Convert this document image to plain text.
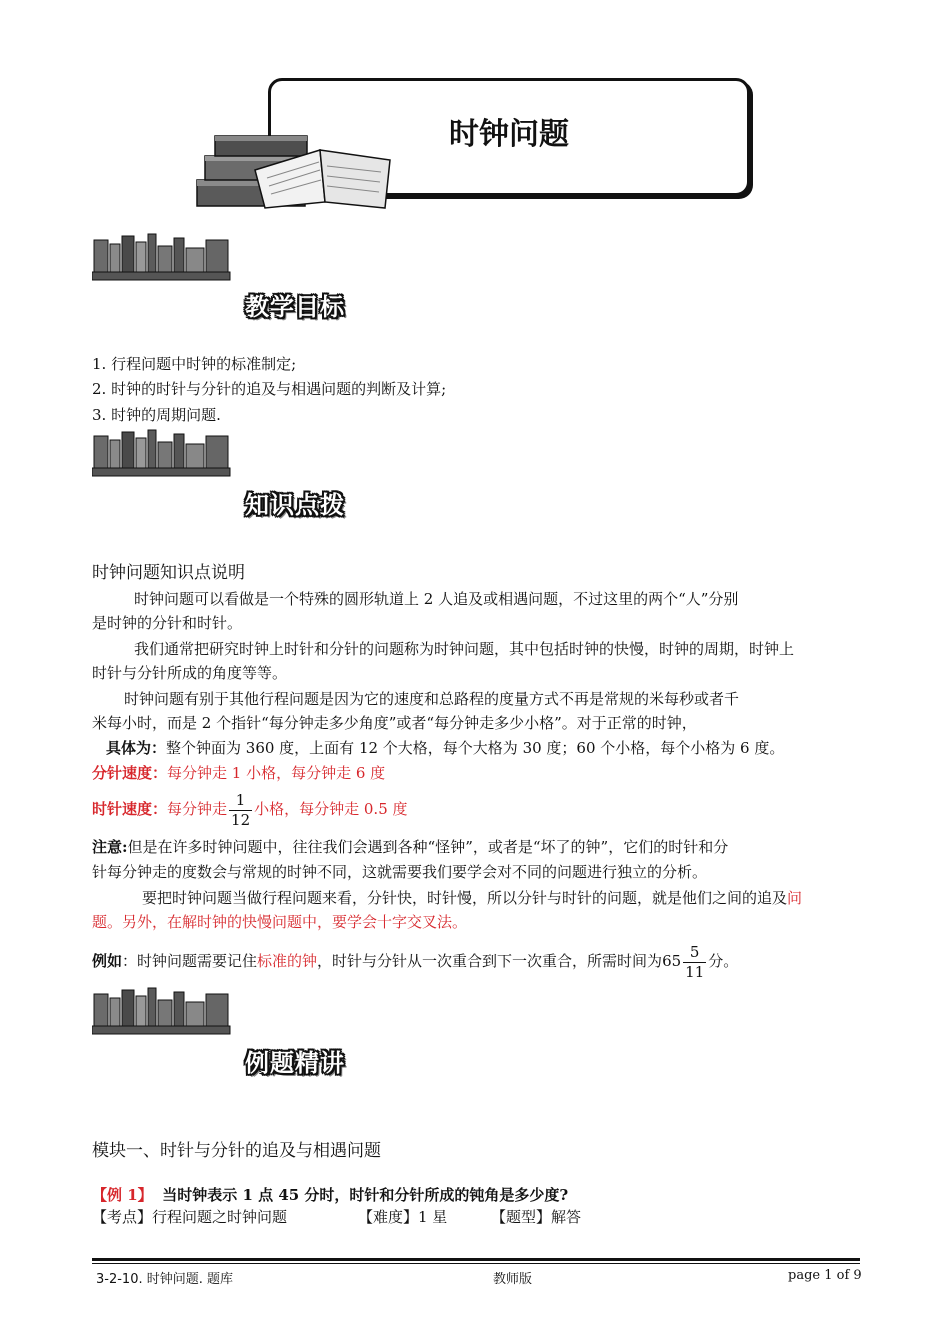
时钟问题
教学目标
1. 行程问题中时钟的标准制定;
2. 时钟的时针与分针的追及与相遇问题的判断及计算;
3. 时钟的周期问题.
知识点拨
时钟问题知识点说明
时钟问题可以看做是一个特殊的圆形轨道上 2 人追及或相遇问题，不过这里的两个“人”分别
是时钟的分针和时针。
我们通常把研究时钟上时针和分针的问题称为时钟问题，其中包括时钟的快慢，时钟的周期，时钟上
时针与分针所成的角度等等。
时钟问题有别于其他行程问题是因为它的速度和总路程的度量方式不再是常规的米每秒或者千
米每小时，而是 2 个指针“每分钟走多少角度”或者“每分钟走多少小格”。对于正常的时钟，
具体为：整个钟面为 360 度，上面有 12 个大格，每个大格为 30 度；60 个小格，每个小格为 6 度。
分针速度：每分钟走 1 小格，每分钟走 6 度
时针速度：每分钟走 $\frac{1}{12}$ 小格，每分钟走 0.5 度
注意:但是在许多时钟问题中，往往我们会遇到各种“怪钟”，或者是“坏了的钟”，它们的时针和分
针每分钟走的度数会与常规的时钟不同，这就需要我们要学会对不同的问题进行独立的分析。
要把时钟问题当做行程问题来看，分针快，时针慢，所以分针与时针的问题，就是他们之间的追及问
题。另外，在解时钟的快慢问题中，要学会十字交叉法。
例如：时钟问题需要记住标准的钟，时针与分针从一次重合到下一次重合，所需时间为$65 \frac{5}{11}$ 分。
例题精讲
模块一、时针与分针的追及与相遇问题
【例 1】 当时钟表示 1 点 45 分时，时针和分针所成的钝角是多少度?
【考点】行程问题之时钟问题	【难度】1 星	【题型】解答
3-2-10. 时钟问题. 题库	教师版	page 1 of 9
